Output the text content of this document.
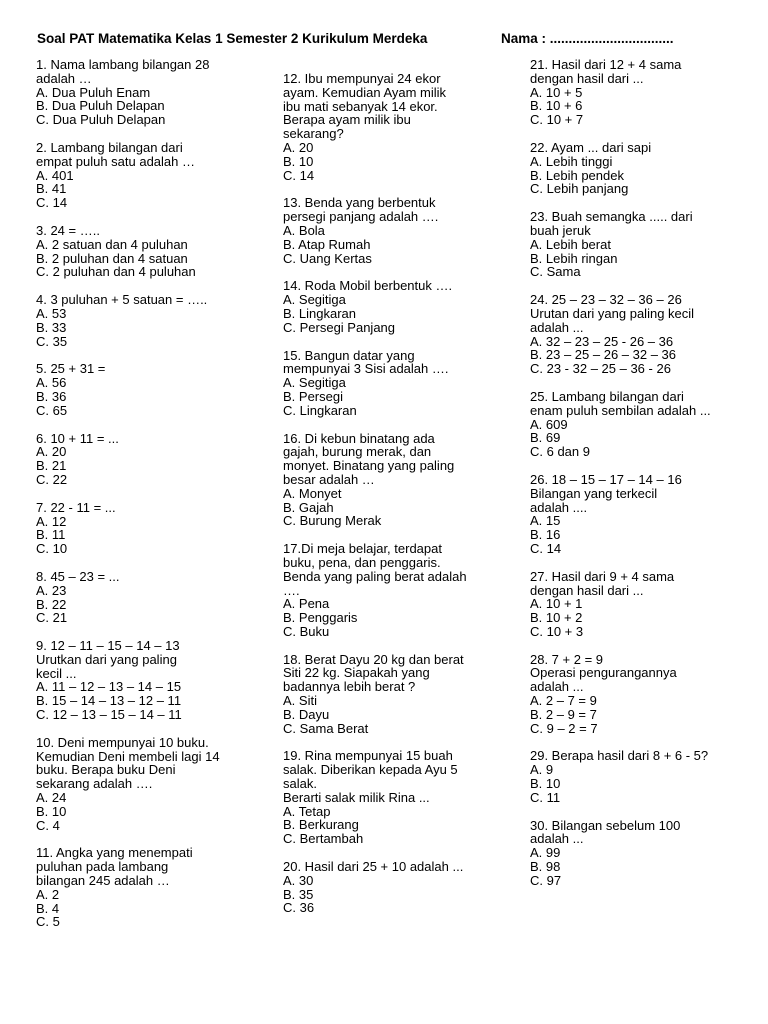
Soal PAT Matematika Kelas 1 Semester 2 Kurikulum Merdeka	Nama : .................................
1. Nama lambang bilangan 28
adalah …
A. Dua Puluh Enam
B. Dua Puluh Delapan
C. Dua Puluh Delapan
2. Lambang bilangan dari
empat puluh satu adalah …
A. 401
B. 41
C. 14
3. 24 = …..
A. 2 satuan dan 4 puluhan
B. 2 puluhan dan 4 satuan
C. 2 puluhan dan 4 puluhan
4. 3 puluhan + 5 satuan = …..
A. 53
B. 33
C. 35
5. 25 + 31 =
A. 56
B. 36
C. 65
6. 10 + 11 = ...
A. 20
B. 21
C. 22
7. 22 - 11 = ...
A. 12
B. 11
C. 10
8. 45 – 23 = ...
A. 23
B. 22
C. 21
9. 12 – 11 – 15 – 14 – 13
Urutkan dari yang paling
kecil ...
A. 11 – 12 – 13 – 14 – 15
B. 15 – 14 – 13 – 12 – 11
C. 12 – 13 – 15 – 14 – 11
10. Deni mempunyai 10 buku.
Kemudian Deni membeli lagi 14
buku. Berapa buku Deni
sekarang adalah ….
A. 24
B. 10
C. 4
11. Angka yang menempati
puluhan pada lambang
bilangan 245 adalah …
A. 2
B. 4
C. 5
12. Ibu mempunyai 24 ekor
ayam. Kemudian Ayam milik
ibu mati sebanyak 14 ekor.
Berapa ayam milik ibu
sekarang?
A. 20
B. 10
C. 14
13. Benda yang berbentuk
persegi panjang adalah ….
A. Bola
B. Atap Rumah
C. Uang Kertas
14. Roda Mobil berbentuk ….
A. Segitiga
B. Lingkaran
C. Persegi Panjang
15. Bangun datar yang
mempunyai 3 Sisi adalah ….
A. Segitiga
B. Persegi
C. Lingkaran
16. Di kebun binatang ada
gajah, burung merak, dan
monyet. Binatang yang paling
besar adalah …
A. Monyet
B. Gajah
C. Burung Merak
17.Di meja belajar, terdapat
buku, pena, dan penggaris.
Benda yang paling berat adalah
….
A. Pena
B. Penggaris
C. Buku
18. Berat Dayu 20 kg dan berat
Siti 22 kg. Siapakah yang
badannya lebih berat ?
A. Siti
B. Dayu
C. Sama Berat
19. Rina mempunyai 15 buah
salak. Diberikan kepada Ayu 5
salak.
Berarti salak milik Rina ...
A. Tetap
B. Berkurang
C. Bertambah
20. Hasil dari 25 + 10 adalah ...
A. 30
B. 35
C. 36
21. Hasil dari 12 + 4 sama
dengan hasil dari ...
A. 10 + 5
B. 10 + 6
C. 10 + 7
22. Ayam ... dari sapi
A. Lebih tinggi
B. Lebih pendek
C. Lebih panjang
23. Buah semangka ..... dari
buah jeruk
A. Lebih berat
B. Lebih ringan
C. Sama
24. 25 – 23 – 32 – 36 – 26
Urutan dari yang paling kecil
adalah ...
A. 32 – 23 – 25 - 26 – 36
B. 23 – 25 – 26 – 32 – 36
C. 23 - 32 – 25 – 36 - 26
25. Lambang bilangan dari
enam puluh sembilan adalah ...
A. 609
B. 69
C. 6 dan 9
26. 18 – 15 – 17 – 14 – 16
Bilangan yang terkecil
adalah ....
A. 15
B. 16
C. 14
27. Hasil dari 9 + 4 sama
dengan hasil dari ...
A. 10 + 1
B. 10 + 2
C. 10 + 3
28. 7 + 2 = 9
Operasi pengurangannya
adalah ...
A. 2 – 7 = 9
B. 2 – 9 = 7
C. 9 – 2 = 7
29. Berapa hasil dari 8 + 6 - 5?
A. 9
B. 10
C. 11
30. Bilangan sebelum 100
adalah ...
A. 99
B. 98
C. 97
